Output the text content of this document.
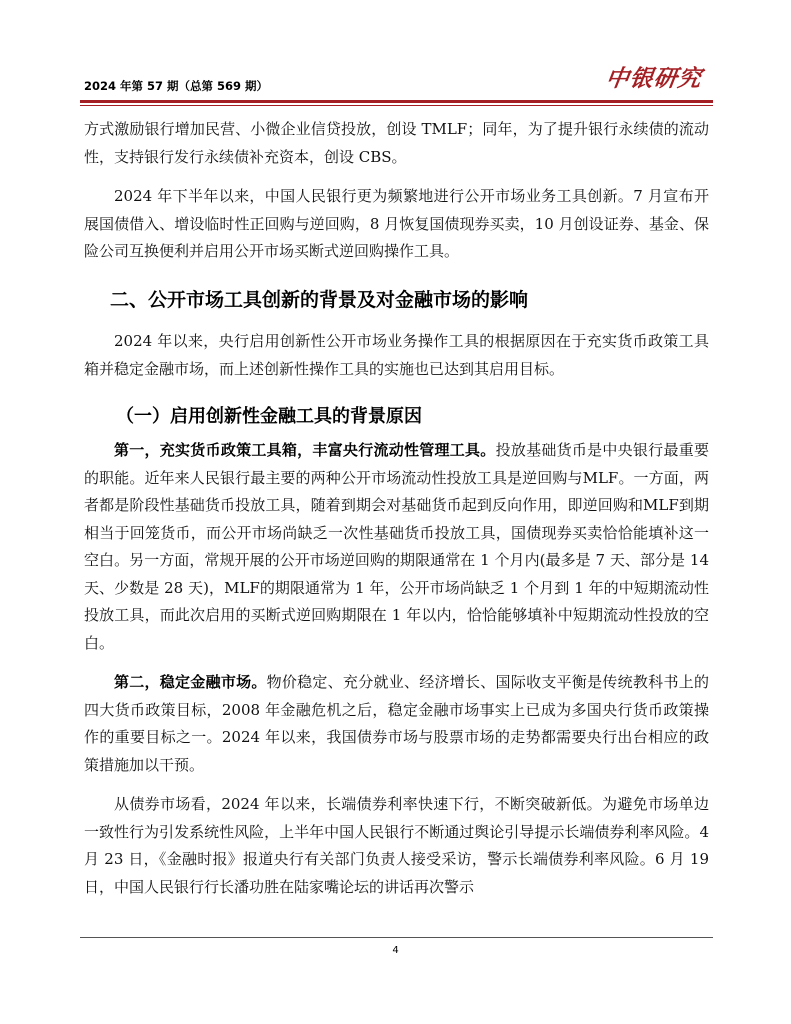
2024 年第 57 期（总第 569 期）	中银研究

方式激励银行增加民营、小微企业信贷投放，创设 TMLF；同年，为了提升银行永续债的流动性，支持银行发行永续债补充资本，创设 CBS。

2024 年下半年以来，中国人民银行更为频繁地进行公开市场业务工具创新。7 月宣布开展国债借入、增设临时性正回购与逆回购，8 月恢复国债现券买卖，10 月创设证券、基金、保险公司互换便利并启用公开市场买断式逆回购操作工具。

二、公开市场工具创新的背景及对金融市场的影响

2024 年以来，央行启用创新性公开市场业务操作工具的根据原因在于充实货币政策工具箱并稳定金融市场，而上述创新性操作工具的实施也已达到其启用目标。

（一）启用创新性金融工具的背景原因

第一，充实货币政策工具箱，丰富央行流动性管理工具。投放基础货币是中央银行最重要的职能。近年来人民银行最主要的两种公开市场流动性投放工具是逆回购与MLF。一方面，两者都是阶段性基础货币投放工具，随着到期会对基础货币起到反向作用，即逆回购和MLF到期相当于回笼货币，而公开市场尚缺乏一次性基础货币投放工具，国债现券买卖恰恰能填补这一空白。另一方面，常规开展的公开市场逆回购的期限通常在 1 个月内(最多是 7 天、部分是 14 天、少数是 28 天)，MLF的期限通常为 1 年，公开市场尚缺乏 1 个月到 1 年的中短期流动性投放工具，而此次启用的买断式逆回购期限在 1 年以内，恰恰能够填补中短期流动性投放的空白。

第二，稳定金融市场。物价稳定、充分就业、经济增长、国际收支平衡是传统教科书上的四大货币政策目标，2008 年金融危机之后，稳定金融市场事实上已成为多国央行货币政策操作的重要目标之一。2024 年以来，我国债券市场与股票市场的走势都需要央行出台相应的政策措施加以干预。

从债券市场看，2024 年以来，长端债券利率快速下行，不断突破新低。为避免市场单边一致性行为引发系统性风险，上半年中国人民银行不断通过舆论引导提示长端债券利率风险。4 月 23 日，《金融时报》报道央行有关部门负责人接受采访，警示长端债券利率风险。6 月 19 日，中国人民银行行长潘功胜在陆家嘴论坛的讲话再次警示

4
